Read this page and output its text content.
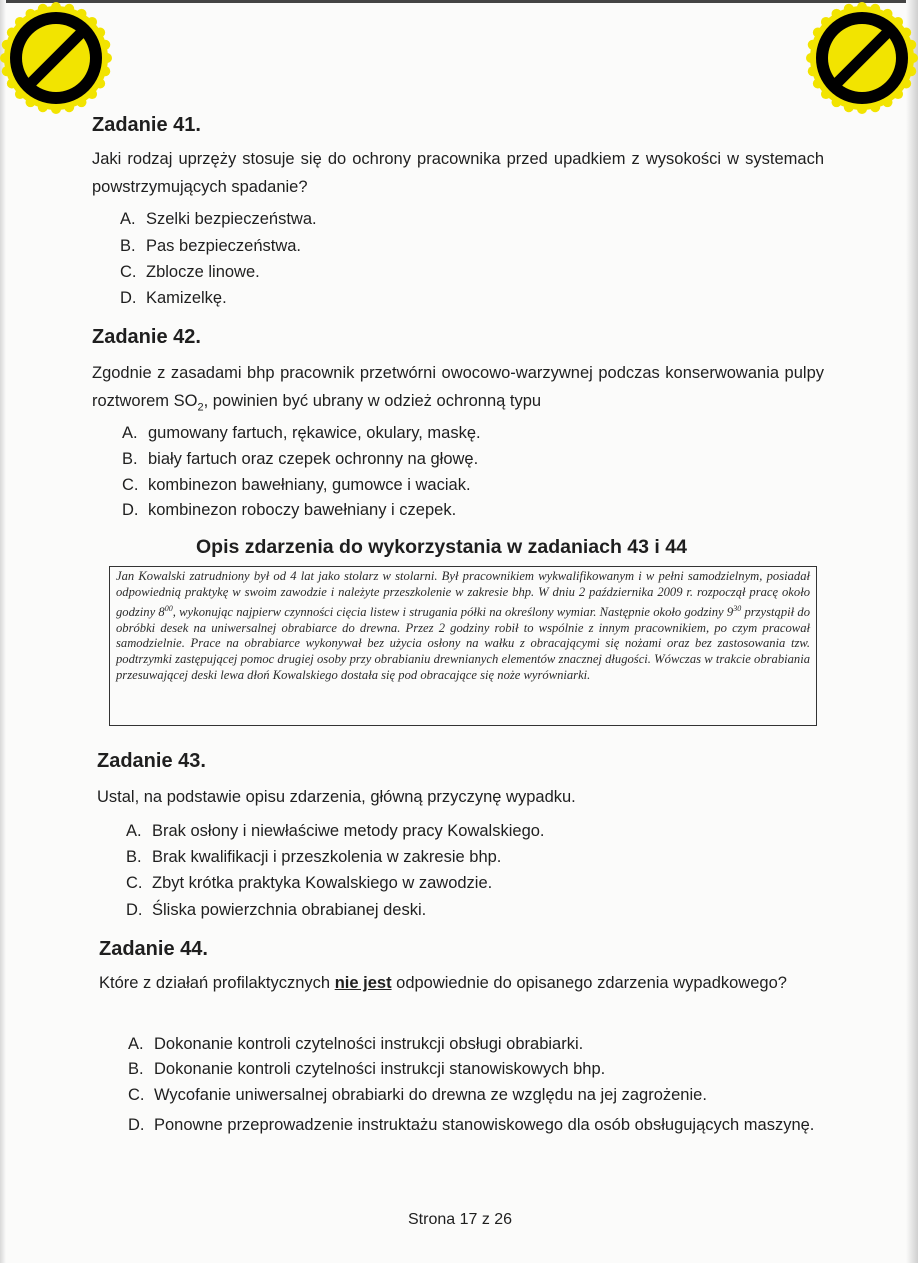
Zadanie 41.
Jaki rodzaj uprzęży stosuje się do ochrony pracownika przed upadkiem z wysokości w systemach powstrzymujących spadanie?
A. Szelki bezpieczeństwa.
B. Pas bezpieczeństwa.
C. Zblocze linowe.
D. Kamizelkę.
Zadanie 42.
Zgodnie z zasadami bhp pracownik przetwórni owocowo-warzywnej podczas konserwowania pulpy roztworem $SO_2$, powinien być ubrany w odzież ochronną typu
A. gumowany fartuch, rękawice, okulary, maskę.
B. biały fartuch oraz czepek ochronny na głowę.
C. kombinezon bawełniany, gumowce i waciak.
D. kombinezon roboczy bawełniany i czepek.
Opis zdarzenia do wykorzystania w zadaniach 43 i 44
Jan Kowalski zatrudniony był od 4 lat jako stolarz w stolarni. Był pracownikiem wykwalifikowanym i w pełni samodzielnym, posiadał odpowiednią praktykę w swoim zawodzie i należyte przeszkolenie w zakresie bhp. W dniu 2 października 2009 r. rozpoczął pracę około godziny $8^{00}$, wykonując najpierw czynności cięcia listew i strugania półki na określony wymiar. Następnie około godziny $9^{30}$ przystąpił do obróbki desek na uniwersalnej obrabiarce do drewna. Przez 2 godziny robił to wspólnie z innym pracownikiem, po czym pracował samodzielnie. Prace na obrabiarce wykonywał bez użycia osłony na wałku z obracającymi się nożami oraz bez zastosowania tzw. podtrzymki zastępującej pomoc drugiej osoby przy obrabianiu drewnianych elementów znacznej długości. Wówczas w trakcie obrabiania przesuwającej deski lewa dłoń Kowalskiego dostała się pod obracające się noże wyrówniarki.
Zadanie 43.
Ustal, na podstawie opisu zdarzenia, główną przyczynę wypadku.
A. Brak osłony i niewłaściwe metody pracy Kowalskiego.
B. Brak kwalifikacji i przeszkolenia w zakresie bhp.
C. Zbyt krótka praktyka Kowalskiego w zawodzie.
D. Śliska powierzchnia obrabianej deski.
Zadanie 44.
Które z działań profilaktycznych nie jest odpowiednie do opisanego zdarzenia wypadkowego?
A. Dokonanie kontroli czytelności instrukcji obsługi obrabiarki.
B. Dokonanie kontroli czytelności instrukcji stanowiskowych bhp.
C. Wycofanie uniwersalnej obrabiarki do drewna ze względu na jej zagrożenie.
D. Ponowne przeprowadzenie instruktażu stanowiskowego dla osób obsługujących maszynę.
Strona 17 z 26
